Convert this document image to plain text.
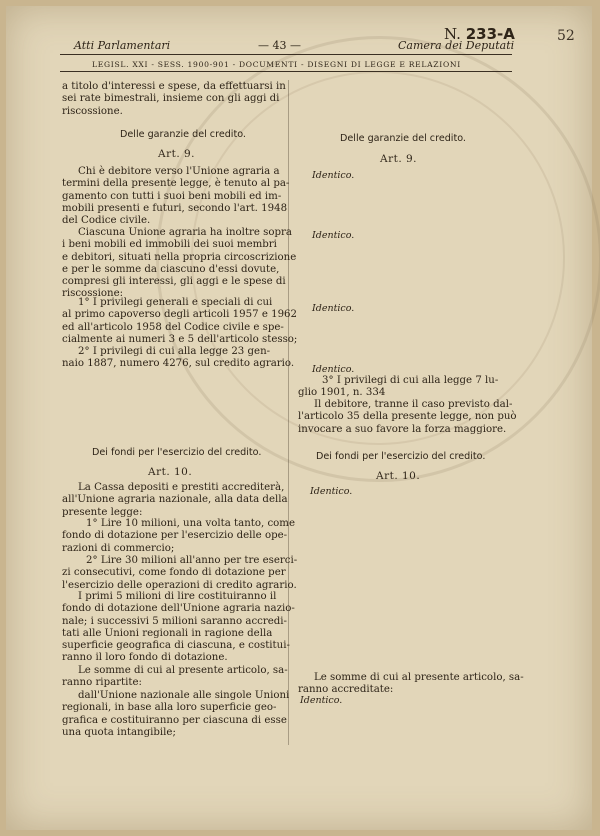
52
N. 233-A
Atti Parlamentari	— 43 —	Camera dei Deputati
LEGISL. XXI - SESS. 1900-901 - DOCUMENTI - DISEGNI DI LEGGE E RELAZIONI

a titolo d'interessi e spese, da effettuarsi in

sei rate bimestrali, insieme con gli aggi di

riscossione.

Delle garanzie del credito.
Art. 9.

Chi è debitore verso l'Unione agraria a

termini della presente legge, è tenuto al pa-

gamento con tutti i suoi beni mobili ed im-

mobili presenti e futuri, secondo l'art. 1948

del Codice civile.

Ciascuna Unione agraria ha inoltre sopra

i beni mobili ed immobili dei suoi membri

e debitori, situati nella propria circoscrizione

e per le somme da ciascuno d'essi dovute,

compresi gli interessi, gli aggi e le spese di

riscossione:

1° I privilegi generali e speciali di cui

al primo capoverso degli articoli 1957 e 1962

ed all'articolo 1958 del Codice civile e spe-

cialmente ai numeri 3 e 5 dell'articolo stesso;

2° I privilegi di cui alla legge 23 gen-

naio 1887, numero 4276, sul credito agrario.

Dei fondi per l'esercizio del credito.
Art. 10.

La Cassa depositi e prestiti accrediterà,

all'Unione agraria nazionale, alla data della

presente legge:

1° Lire 10 milioni, una volta tanto, come

fondo di dotazione per l'esercizio delle ope-

razioni di commercio;

2° Lire 30 milioni all'anno per tre eserci-

zi consecutivi, come fondo di dotazione per

l'esercizio delle operazioni di credito agrario.

I primi 5 milioni di lire costituiranno il

fondo di dotazione dell'Unione agraria nazio-

nale; i successivi 5 milioni saranno accredi-

tati alle Unioni regionali in ragione della

superficie geografica di ciascuna, e costitui-

ranno il loro fondo di dotazione.

Le somme di cui al presente articolo, sa-

ranno ripartite:

dall'Unione nazionale alle singole Unioni

regionali, in base alla loro superficie geo-

grafica e costituiranno per ciascuna di esse

una quota intangibile;

Delle garanzie del credito.
Art. 9.
Identico.
Identico.
Identico.
Identico.

3° I privilegi di cui alla legge 7 lu-

glio 1901, n. 334

Il debitore, tranne il caso previsto dal-

l'articolo 35 della presente legge, non può

invocare a suo favore la forza maggiore.

Dei fondi per l'esercizio del credito.
Art. 10.
Identico.

Le somme di cui al presente articolo, sa-

ranno accreditate:

Identico.
